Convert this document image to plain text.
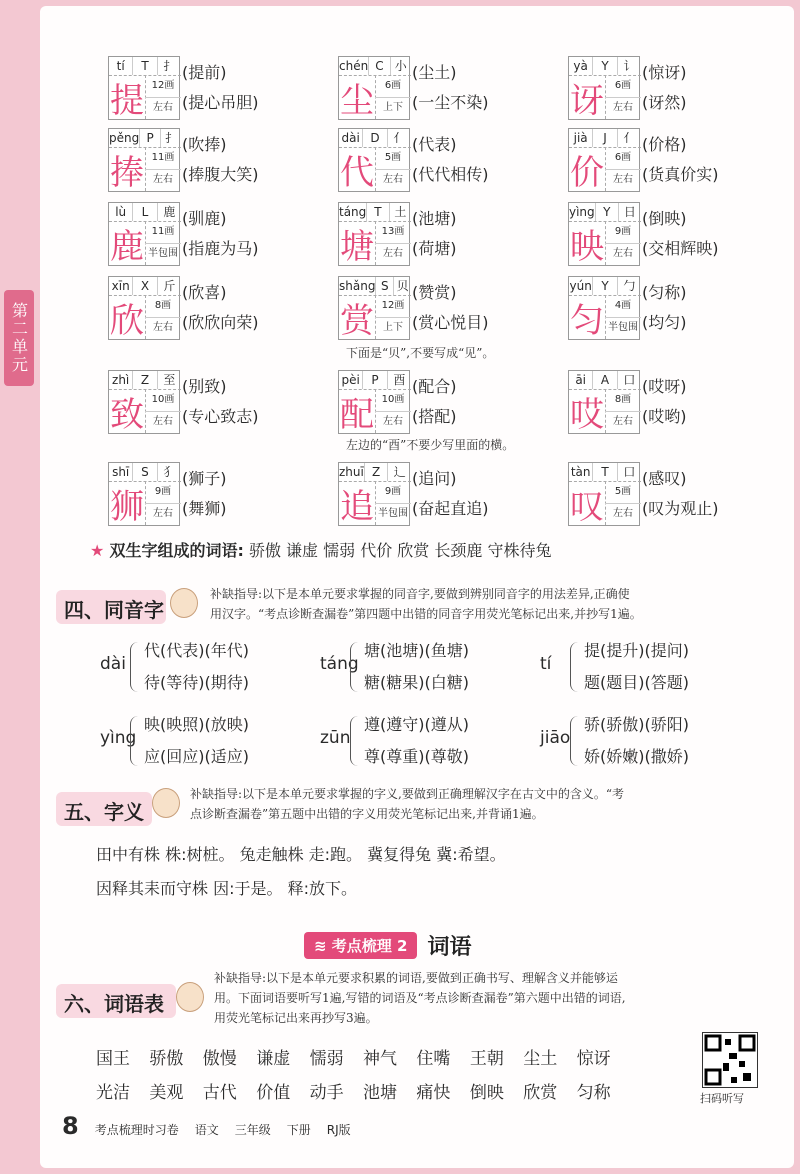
第二单元
tí	T	扌
提 12画
左右
(提前)
(提心吊胆)
chén C 小
尘	6画
上下
(尘土)
(一尘不染)
yà	Y	讠
讶	6画
左右
(惊讶)
(讶然)
pěng P 扌
捧 11画
左右
(吹捧)
(捧腹大笑)
dài D	亻
代	5画
左右
(代表)
(代代相传)
jià	J	亻
价	6画
左右
(价格)
(货真价实)
lù	L	鹿
鹿 11画
半包围
(驯鹿)
(指鹿为马)
táng T	土
塘 13画
左右
(池塘)
(荷塘)
yìng Y	日
映	9画
左右
(倒映)
(交相辉映)
xīn X	斤
欣	8画
左右
(欣喜)
(欣欣向荣)
shǎng S 贝
赏 12画
上下
(赞赏)
(赏心悦目)
yún Y	勹
匀	4画
半包围
(匀称)
(均匀)
zhì Z	至
致 10画
左右
(别致)
(专心致志)
pèi P	酉
配 10画
左右
(配合)
(搭配)
āi	A	口
哎	8画
左右
(哎呀)
(哎哟)
shī S	犭
狮	9画
左右
(狮子)
(舞狮)
zhuī Z	辶
追	9画
半包围
(追问)
(奋起直追)
tàn T	口
叹	5画
左右
(感叹)
(叹为观止)
下面是“贝”,不要写成“见”。
左边的“酉”不要少写里面的横。
★ 双生字组成的词语: 骄傲 谦虚 懦弱 代价 欣赏 长颈鹿 守株待兔
四、同音字
补缺指导:以下是本单元要求掌握的同音字,要做到辨别同音字的用法差异,正确使
用汉字。“考点诊断查漏卷”第四题中出错的同音字用荧光笔标记出来,并抄写1遍。
dài
代(代表)(年代)
待(等待)(期待)
táng
塘(池塘)(鱼塘)
糖(糖果)(白糖)
tí
提(提升)(提问)
题(题目)(答题)
yìng
映(映照)(放映)
应(回应)(适应)
zūn
遵(遵守)(遵从)
尊(尊重)(尊敬)
jiāo
骄(骄傲)(骄阳)
娇(娇嫩)(撒娇)
五、字义
补缺指导:以下是本单元要求掌握的字义,要做到正确理解汉字在古文中的含义。“考
点诊断查漏卷”第五题中出错的字义用荧光笔标记出来,并背诵1遍。
田中有株 株:树桩。 兔走触株 走:跑。 冀复得兔 冀:希望。
因释其耒而守株 因:于是。 释:放下。
≋ 考点梳理 2 词语
六、词语表
补缺指导:以下是本单元要求积累的词语,要做到正确书写、理解含义并能够运
用。下面词语要听写1遍,写错的词语及“考点诊断查漏卷”第六题中出错的词语,
用荧光笔标记出来再抄写3遍。
国王 骄傲 傲慢 谦虚 懦弱 神气 住嘴 王朝 尘土 惊讶
光洁 美观 古代 价值 动手 池塘 痛快 倒映 欣赏 匀称	扫码听写
8 考点梳理时习卷 语文 三年级 下册 RJ版
